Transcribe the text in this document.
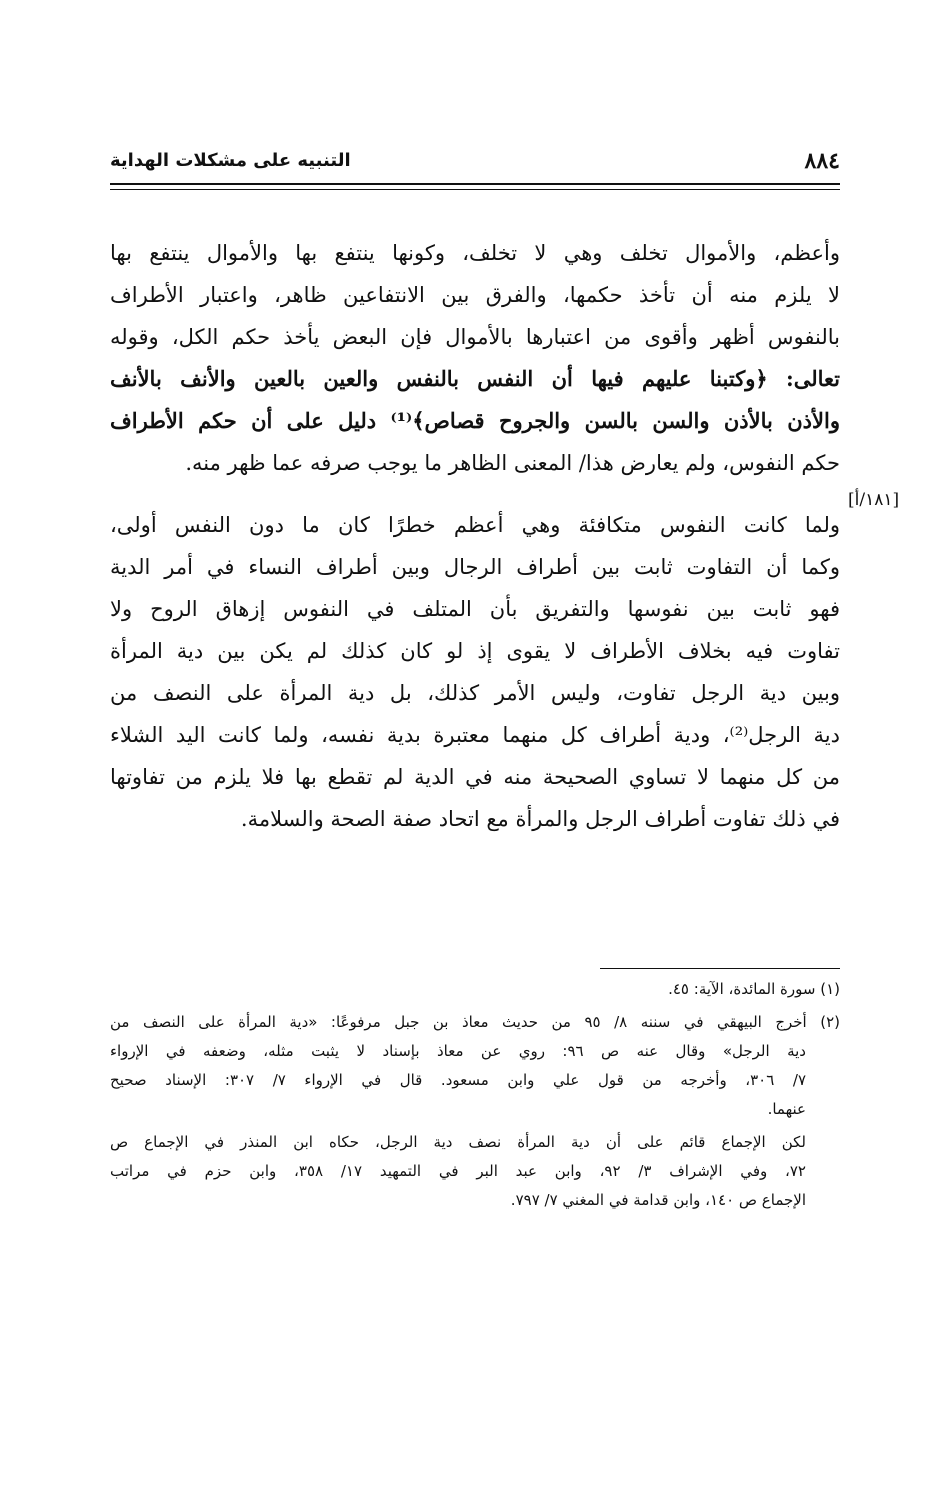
٨٨٤
التنبيه على مشكلات الهداية
[١٨١/أ]

وأعظم، والأموال تخلف وهي لا تخلف، وكونها ينتفع بها والأموال ينتفع بها
لا يلزم منه أن تأخذ حكمها، والفرق بين الانتفاعين ظاهر، واعتبار الأطراف
بالنفوس أظهر وأقوى من اعتبارها بالأموال فإن البعض يأخذ حكم الكل، وقوله
تعالى: ﴿وكتبنا عليهم فيها أن النفس بالنفس والعين بالعين والأنف بالأنف
والأذن بالأذن والسن بالسن والجروح قصاص﴾⁽¹⁾ دليل على أن حكم الأطراف
حكم النفوس، ولم يعارض هذا/ المعنى الظاهر ما يوجب صرفه عما ظهر منه.

ولما كانت النفوس متكافئة وهي أعظم خطرًا كان ما دون النفس أولى،
وكما أن التفاوت ثابت بين أطراف الرجال وبين أطراف النساء في أمر الدية
فهو ثابت بين نفوسها والتفريق بأن المتلف في النفوس إزهاق الروح ولا
تفاوت فيه بخلاف الأطراف لا يقوى إذ لو كان كذلك لم يكن بين دية المرأة
وبين دية الرجل تفاوت، وليس الأمر كذلك، بل دية المرأة على النصف من
دية الرجل⁽²⁾، ودية أطراف كل منهما معتبرة بدية نفسه، ولما كانت اليد الشلاء
من كل منهما لا تساوي الصحيحة منه في الدية لم تقطع بها فلا يلزم من تفاوتها
في ذلك تفاوت أطراف الرجل والمرأة مع اتحاد صفة الصحة والسلامة.

(١) سورة المائدة، الآية: ٤٥.

(٢) أخرج البيهقي في سننه ٨/ ٩٥ من حديث معاذ بن جبل مرفوعًا: «دية المرأة على النصف من
دية الرجل» وقال عنه ص ٩٦: روي عن معاذ بإسناد لا يثبت مثله، وضعفه في الإرواء
٧/ ٣٠٦، وأخرجه من قول علي وابن مسعود. قال في الإرواء ٧/ ٣٠٧: الإسناد صحيح
عنهما.

لكن الإجماع قائم على أن دية المرأة نصف دية الرجل، حكاه ابن المنذر في الإجماع ص
٧٢، وفي الإشراف ٣/ ٩٢، وابن عبد البر في التمهيد ١٧/ ٣٥٨، وابن حزم في مراتب
الإجماع ص ١٤٠، وابن قدامة في المغني ٧/ ٧٩٧.
